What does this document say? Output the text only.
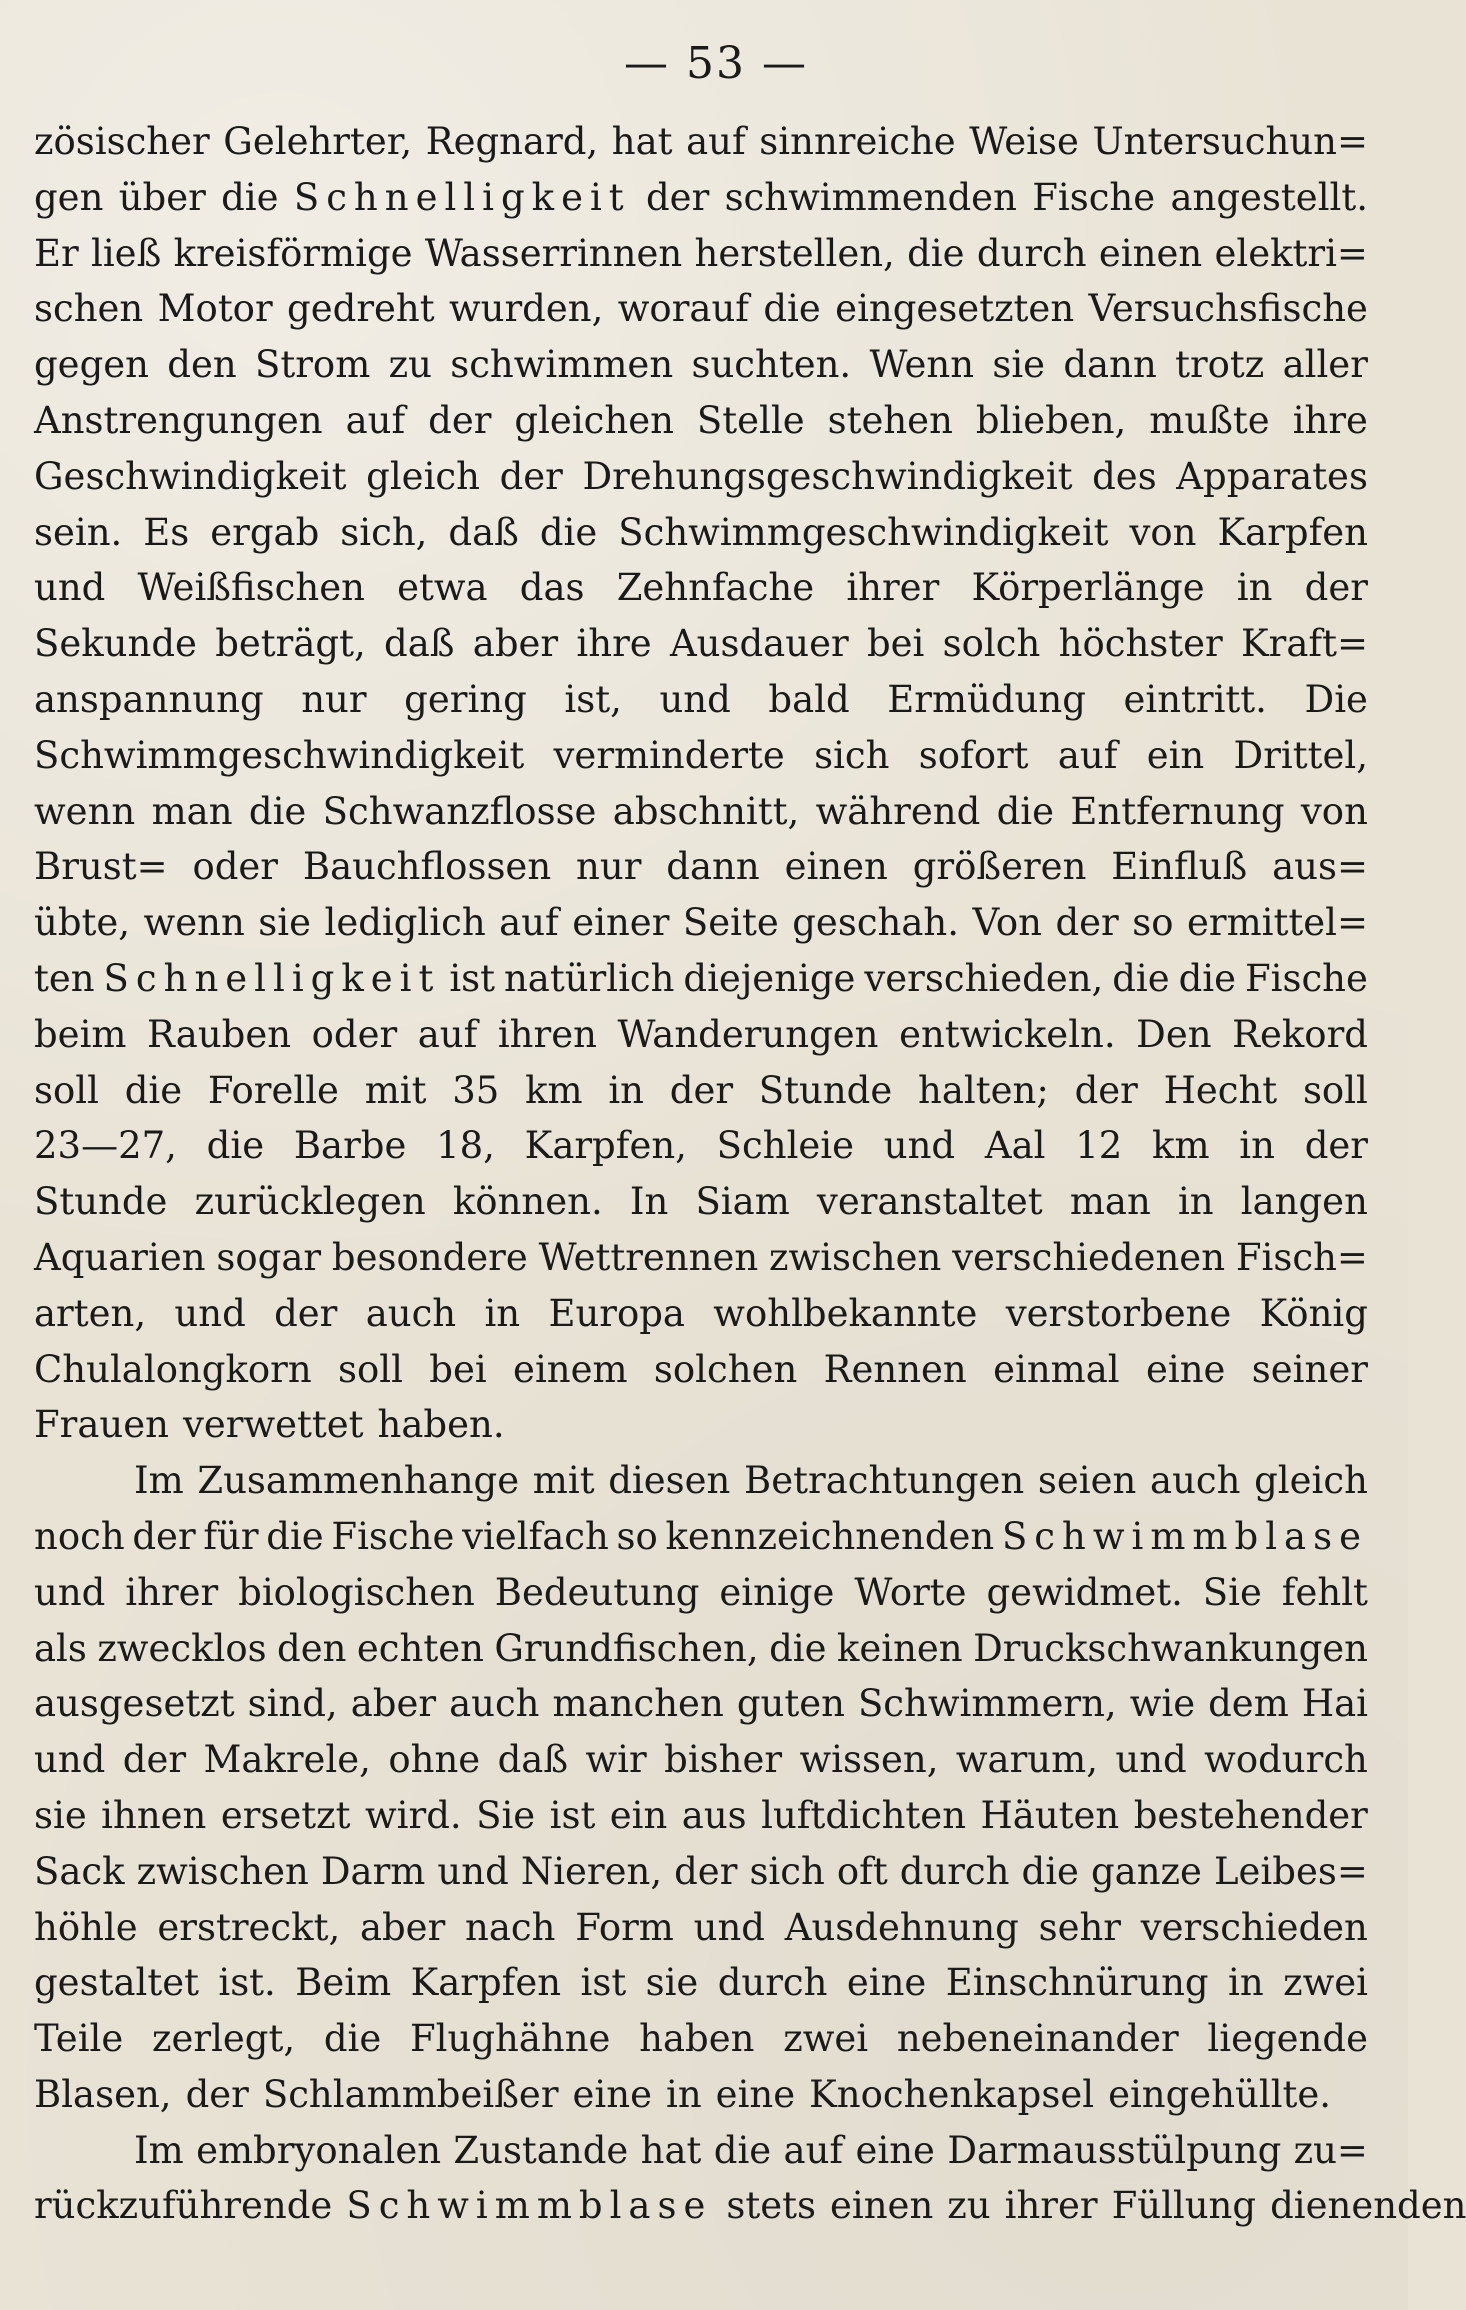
— 53 —
zösischer Gelehrter, Regnard, hat auf sinnreiche Weise Untersuchun=
gen über die Schnelligkeit der schwimmenden Fische angestellt.
Er ließ kreisförmige Wasserrinnen herstellen, die durch einen elektri=
schen Motor gedreht wurden, worauf die eingesetzten Versuchsfische
gegen den Strom zu schwimmen suchten. Wenn sie dann trotz aller
Anstrengungen auf der gleichen Stelle stehen blieben, mußte ihre
Geschwindigkeit gleich der Drehungsgeschwindigkeit des Apparates
sein. Es ergab sich, daß die Schwimmgeschwindigkeit von Karpfen
und Weißfischen etwa das Zehnfache ihrer Körperlänge in der
Sekunde beträgt, daß aber ihre Ausdauer bei solch höchster Kraft=
anspannung nur gering ist, und bald Ermüdung eintritt. Die
Schwimmgeschwindigkeit verminderte sich sofort auf ein Drittel,
wenn man die Schwanzflosse abschnitt, während die Entfernung von
Brust= oder Bauchflossen nur dann einen größeren Einfluß aus=
übte, wenn sie lediglich auf einer Seite geschah. Von der so ermittel=
ten Schnelligkeit ist natürlich diejenige verschieden, die die Fische
beim Rauben oder auf ihren Wanderungen entwickeln. Den Rekord
soll die Forelle mit 35 km in der Stunde halten; der Hecht soll
23—27, die Barbe 18, Karpfen, Schleie und Aal 12 km in der
Stunde zurücklegen können. In Siam veranstaltet man in langen
Aquarien sogar besondere Wettrennen zwischen verschiedenen Fisch=
arten, und der auch in Europa wohlbekannte verstorbene König
Chulalongkorn soll bei einem solchen Rennen einmal eine seiner
Frauen verwettet haben.
Im Zusammenhange mit diesen Betrachtungen seien auch gleich
noch der für die Fische vielfach so kennzeichnenden Schwimmblase
und ihrer biologischen Bedeutung einige Worte gewidmet. Sie fehlt
als zwecklos den echten Grundfischen, die keinen Druckschwankungen
ausgesetzt sind, aber auch manchen guten Schwimmern, wie dem Hai
und der Makrele, ohne daß wir bisher wissen, warum, und wodurch
sie ihnen ersetzt wird. Sie ist ein aus luftdichten Häuten bestehender
Sack zwischen Darm und Nieren, der sich oft durch die ganze Leibes=
höhle erstreckt, aber nach Form und Ausdehnung sehr verschieden
gestaltet ist. Beim Karpfen ist sie durch eine Einschnürung in zwei
Teile zerlegt, die Flughähne haben zwei nebeneinander liegende
Blasen, der Schlammbeißer eine in eine Knochenkapsel eingehüllte.
Im embryonalen Zustande hat die auf eine Darmausstülpung zu=
rückzuführende Schwimmblase stets einen zu ihrer Füllung dienenden
